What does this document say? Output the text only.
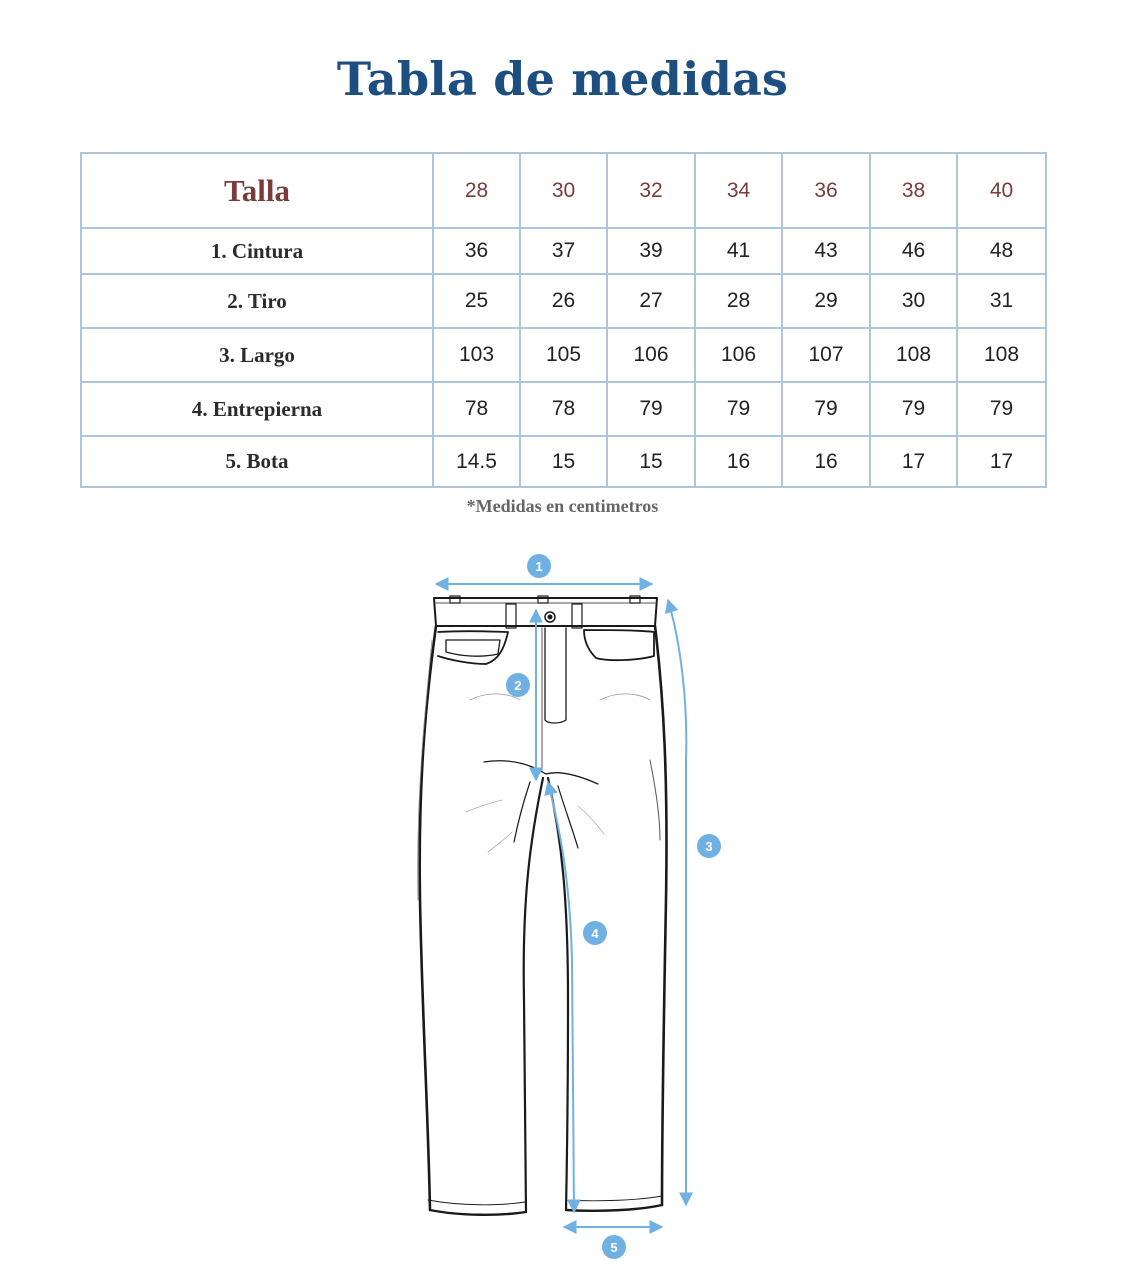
Tabla de medidas
Talla	28	30	32	34	36	38	40
1. Cintura	36	37	39	41	43	46	48
2. Tiro	25	26	27	28	29	30	31
3. Largo	103	105	106	106	107	108	108
4. Entrepierna	78	78	79	79	79	79	79
5. Bota	14.5	15	15	16	16	17	17

*Medidas en centimetros

1
2
3
4
5
